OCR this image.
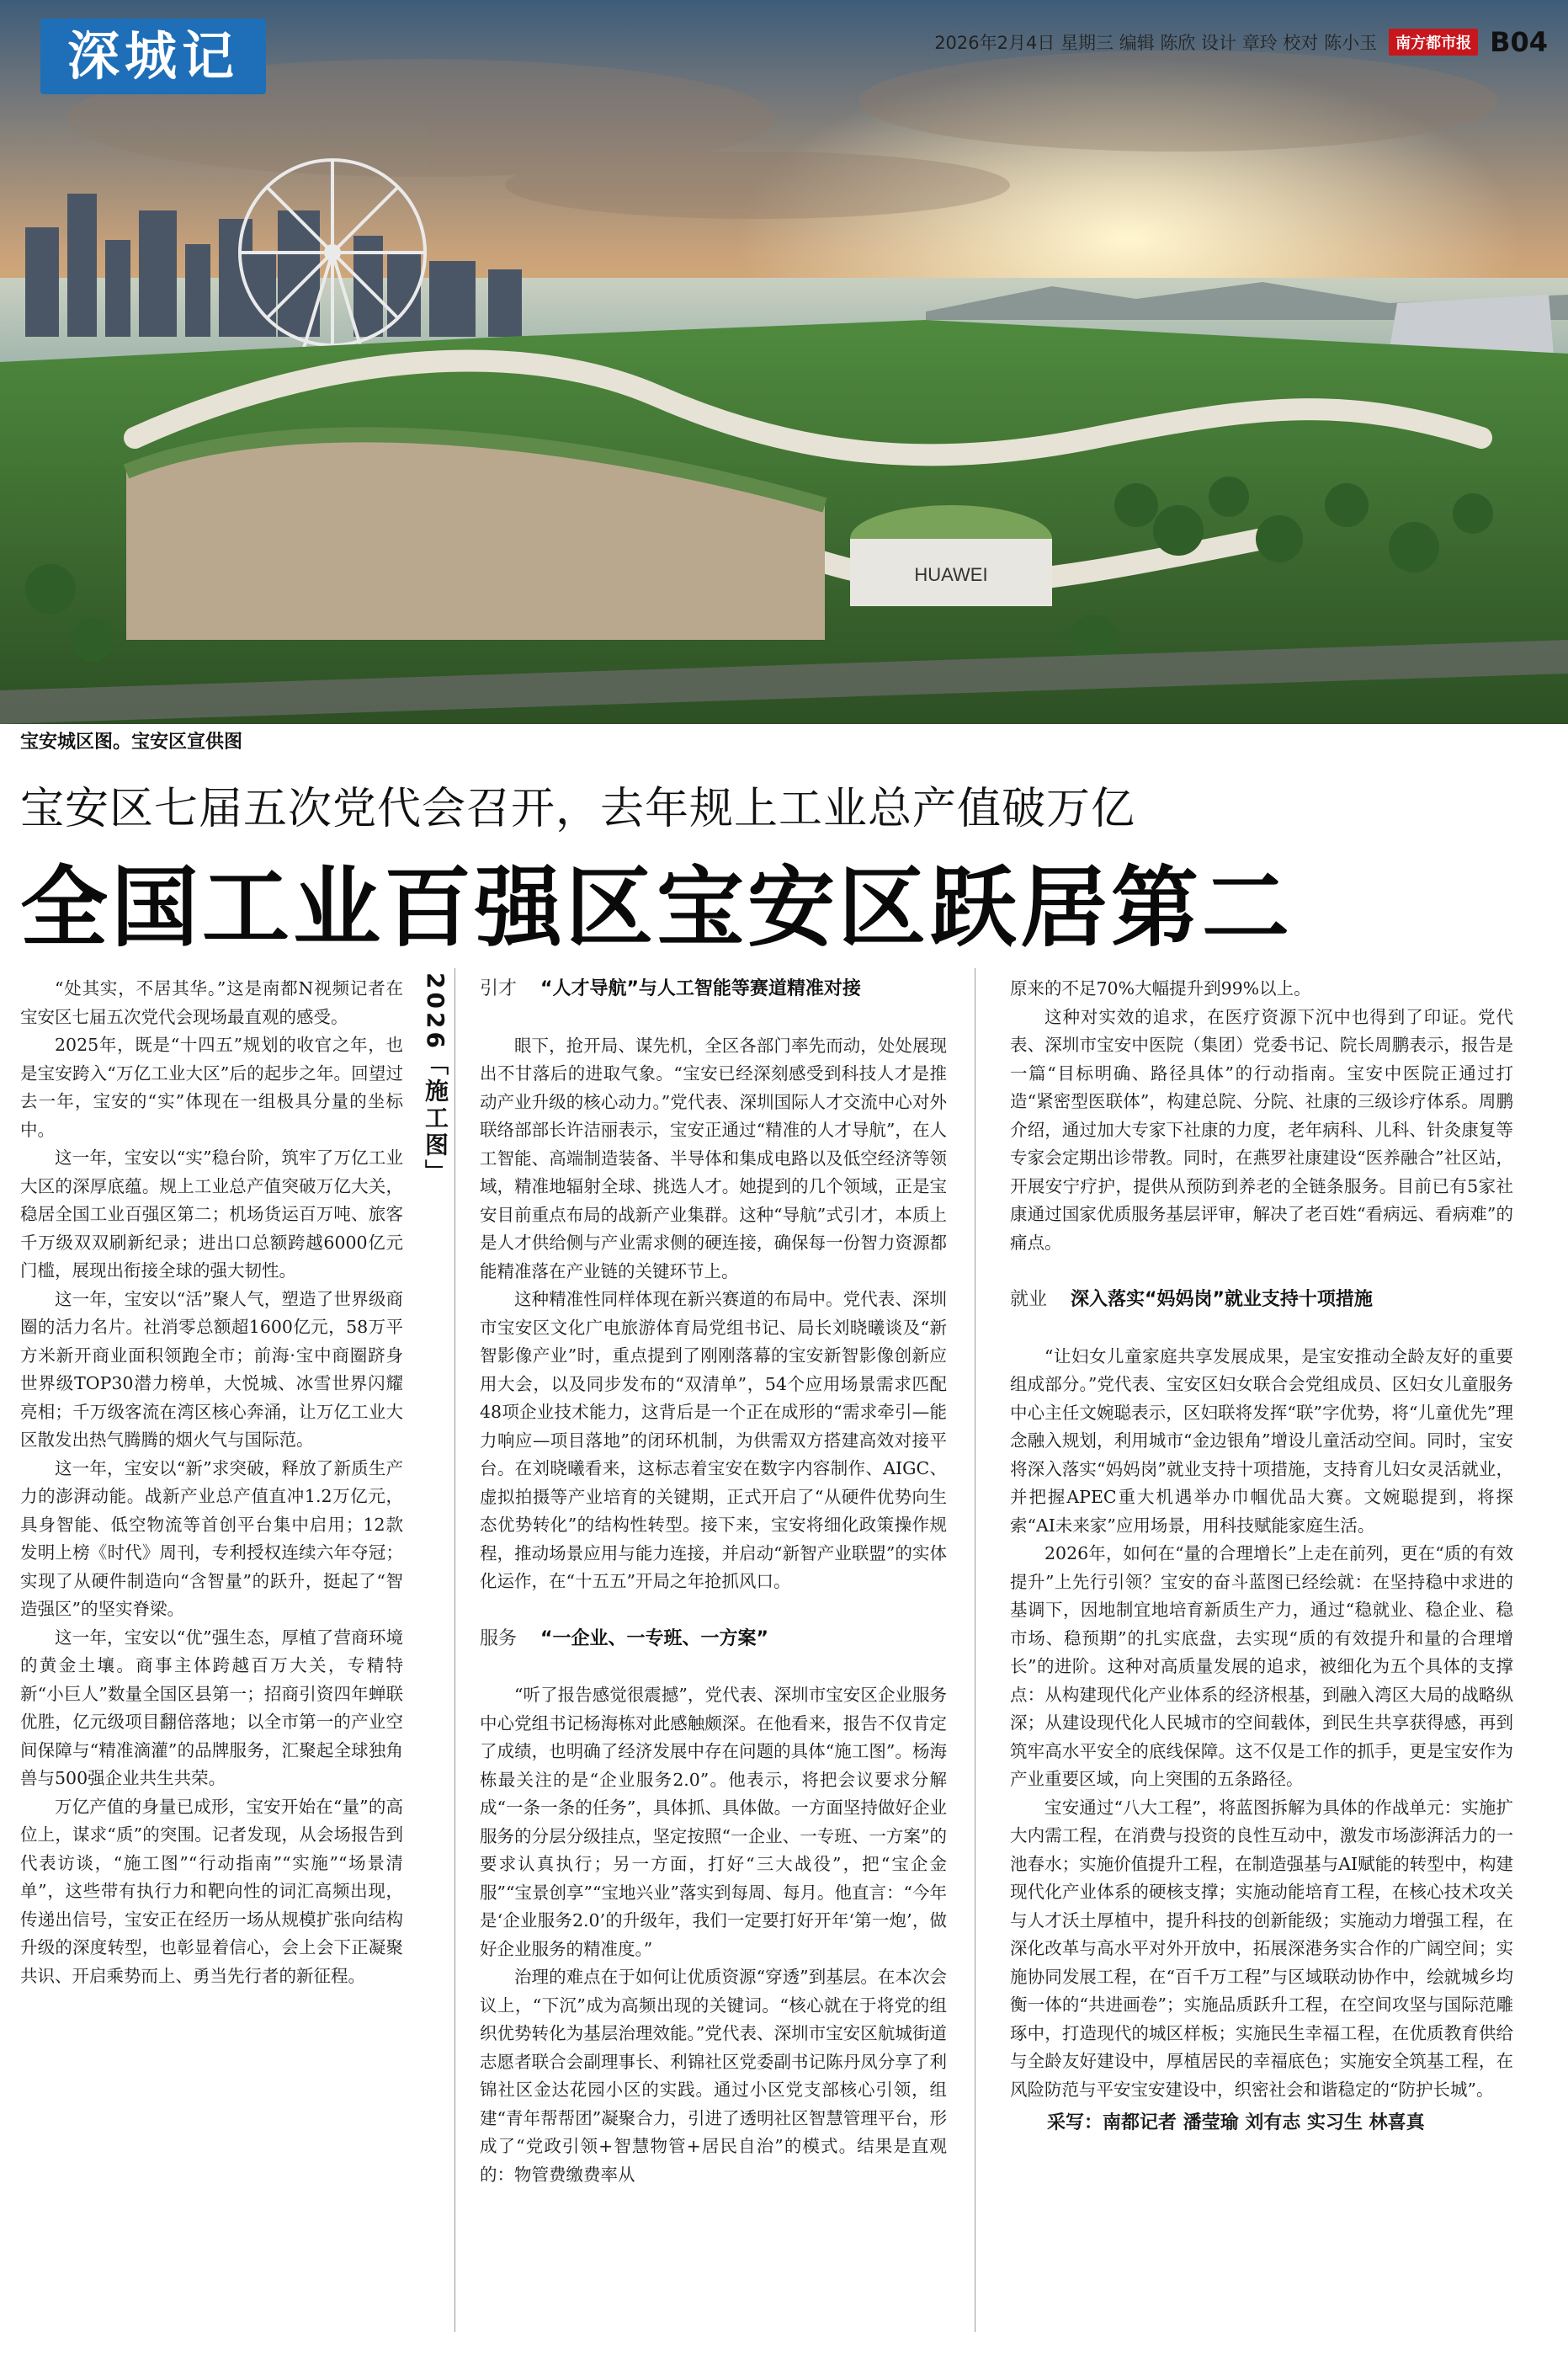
HUAWEI
深城记	2026年2月4日 星期三 编辑 陈欣 设计 章玲 校对 陈小玉	南方都市报 B04
宝安城区图。宝安区宣供图
宝安区七届五次党代会召开，去年规上工业总产值破万亿
全国工业百强区宝安区跃居第二

“处其实，不居其华。”这是南都N视频记者在宝安区七届五次党代会现场最直观的感受。

2025年，既是“十四五”规划的收官之年，也是宝安跨入“万亿工业大区”后的起步之年。回望过去一年，宝安的“实”体现在一组极具分量的坐标中。

这一年，宝安以“实”稳台阶，筑牢了万亿工业大区的深厚底蕴。规上工业总产值突破万亿大关，稳居全国工业百强区第二；机场货运百万吨、旅客千万级双双刷新纪录；进出口总额跨越6000亿元门槛，展现出衔接全球的强大韧性。

这一年，宝安以“活”聚人气，塑造了世界级商圈的活力名片。社消零总额超1600亿元，58万平方米新开商业面积领跑全市；前海·宝中商圈跻身世界级TOP30潜力榜单，大悦城、冰雪世界闪耀亮相；千万级客流在湾区核心奔涌，让万亿工业大区散发出热气腾腾的烟火气与国际范。

这一年，宝安以“新”求突破，释放了新质生产力的澎湃动能。战新产业总产值直冲1.2万亿元，具身智能、低空物流等首创平台集中启用；12款发明上榜《时代》周刊，专利授权连续六年夺冠；实现了从硬件制造向“含智量”的跃升，挺起了“智造强区”的坚实脊梁。

这一年，宝安以“优”强生态，厚植了营商环境的黄金土壤。商事主体跨越百万大关，专精特新“小巨人”数量全国区县第一；招商引资四年蝉联优胜，亿元级项目翻倍落地；以全市第一的产业空间保障与“精准滴灌”的品牌服务，汇聚起全球独角兽与500强企业共生共荣。

万亿产值的身量已成形，宝安开始在“量”的高位上，谋求“质”的突围。记者发现，从会场报告到代表访谈，“施工图”“行动指南”“实施”“场景清单”，这些带有执行力和靶向性的词汇高频出现，传递出信号，宝安正在经历一场从规模扩张向结构升级的深度转型，也彰显着信心，会上会下正凝聚共识、开启乘势而上、勇当先行者的新征程。

2026「施工图」 引才 “人才导航”与人工智能等赛道精准对接

眼下，抢开局、谋先机，全区各部门率先而动，处处展现出不甘落后的进取气象。“宝安已经深刻感受到科技人才是推动产业升级的核心动力。”党代表、深圳国际人才交流中心对外联络部部长许洁丽表示，宝安正通过“精准的人才导航”，在人工智能、高端制造装备、半导体和集成电路以及低空经济等领域，精准地辐射全球、挑选人才。她提到的几个领域，正是宝安目前重点布局的战新产业集群。这种“导航”式引才，本质上是人才供给侧与产业需求侧的硬连接，确保每一份智力资源都能精准落在产业链的关键环节上。

这种精准性同样体现在新兴赛道的布局中。党代表、深圳市宝安区文化广电旅游体育局党组书记、局长刘晓曦谈及“新智影像产业”时，重点提到了刚刚落幕的宝安新智影像创新应用大会，以及同步发布的“双清单”，54个应用场景需求匹配48项企业技术能力，这背后是一个正在成形的“需求牵引—能力响应—项目落地”的闭环机制，为供需双方搭建高效对接平台。在刘晓曦看来，这标志着宝安在数字内容制作、AIGC、虚拟拍摄等产业培育的关键期，正式开启了“从硬件优势向生态优势转化”的结构性转型。接下来，宝安将细化政策操作规程，推动场景应用与能力连接，并启动“新智产业联盟”的实体化运作，在“十五五”开局之年抢抓风口。

服务 “一企业、一专班、一方案”

“听了报告感觉很震撼”，党代表、深圳市宝安区企业服务中心党组书记杨海栋对此感触颇深。在他看来，报告不仅肯定了成绩，也明确了经济发展中存在问题的具体“施工图”。杨海栋最关注的是“企业服务2.0”。他表示，将把会议要求分解成“一条一条的任务”，具体抓、具体做。一方面坚持做好企业服务的分层分级挂点，坚定按照“一企业、一专班、一方案”的要求认真执行；另一方面，打好“三大战役”，把“宝企金服”“宝景创享”“宝地兴业”落实到每周、每月。他直言：“今年是‘企业服务2.0’的升级年，我们一定要打好开年‘第一炮’，做好企业服务的精准度。”

治理的难点在于如何让优质资源“穿透”到基层。在本次会议上，“下沉”成为高频出现的关键词。“核心就在于将党的组织优势转化为基层治理效能。”党代表、深圳市宝安区航城街道志愿者联合会副理事长、利锦社区党委副书记陈丹凤分享了利锦社区金达花园小区的实践。通过小区党支部核心引领，组建“青年帮帮团”凝聚合力，引进了透明社区智慧管理平台，形成了“党政引领+智慧物管+居民自治”的模式。结果是直观的：物管费缴费率从

原来的不足70%大幅提升到99%以上。

这种对实效的追求，在医疗资源下沉中也得到了印证。党代表、深圳市宝安中医院（集团）党委书记、院长周鹏表示，报告是一篇“目标明确、路径具体”的行动指南。宝安中医院正通过打造“紧密型医联体”，构建总院、分院、社康的三级诊疗体系。周鹏介绍，通过加大专家下社康的力度，老年病科、儿科、针灸康复等专家会定期出诊带教。同时，在燕罗社康建设“医养融合”社区站，开展安宁疗护，提供从预防到养老的全链条服务。目前已有5家社康通过国家优质服务基层评审，解决了老百姓“看病远、看病难”的痛点。

就业 深入落实“妈妈岗”就业支持十项措施

“让妇女儿童家庭共享发展成果，是宝安推动全龄友好的重要组成部分。”党代表、宝安区妇女联合会党组成员、区妇女儿童服务中心主任文婉聪表示，区妇联将发挥“联”字优势，将“儿童优先”理念融入规划，利用城市“金边银角”增设儿童活动空间。同时，宝安将深入落实“妈妈岗”就业支持十项措施，支持育儿妇女灵活就业，并把握APEC重大机遇举办巾帼优品大赛。文婉聪提到，将探索“AI未来家”应用场景，用科技赋能家庭生活。

2026年，如何在“量的合理增长”上走在前列，更在“质的有效提升”上先行引领？宝安的奋斗蓝图已经绘就：在坚持稳中求进的基调下，因地制宜地培育新质生产力，通过“稳就业、稳企业、稳市场、稳预期”的扎实底盘，去实现“质的有效提升和量的合理增长”的进阶。这种对高质量发展的追求，被细化为五个具体的支撑点：从构建现代化产业体系的经济根基，到融入湾区大局的战略纵深；从建设现代化人民城市的空间载体，到民生共享获得感，再到筑牢高水平安全的底线保障。这不仅是工作的抓手，更是宝安作为产业重要区域，向上突围的五条路径。

宝安通过“八大工程”，将蓝图拆解为具体的作战单元：实施扩大内需工程，在消费与投资的良性互动中，激发市场澎湃活力的一池春水；实施价值提升工程，在制造强基与AI赋能的转型中，构建现代化产业体系的硬核支撑；实施动能培育工程，在核心技术攻关与人才沃土厚植中，提升科技的创新能级；实施动力增强工程，在深化改革与高水平对外开放中，拓展深港务实合作的广阔空间；实施协同发展工程，在“百千万工程”与区域联动协作中，绘就城乡均衡一体的“共进画卷”；实施品质跃升工程，在空间攻坚与国际范雕琢中，打造现代的城区样板；实施民生幸福工程，在优质教育供给与全龄友好建设中，厚植居民的幸福底色；实施安全筑基工程，在风险防范与平安宝安建设中，织密社会和谐稳定的“防护长城”。

采写：南都记者 潘莹瑜 刘有志 实习生 林喜真
